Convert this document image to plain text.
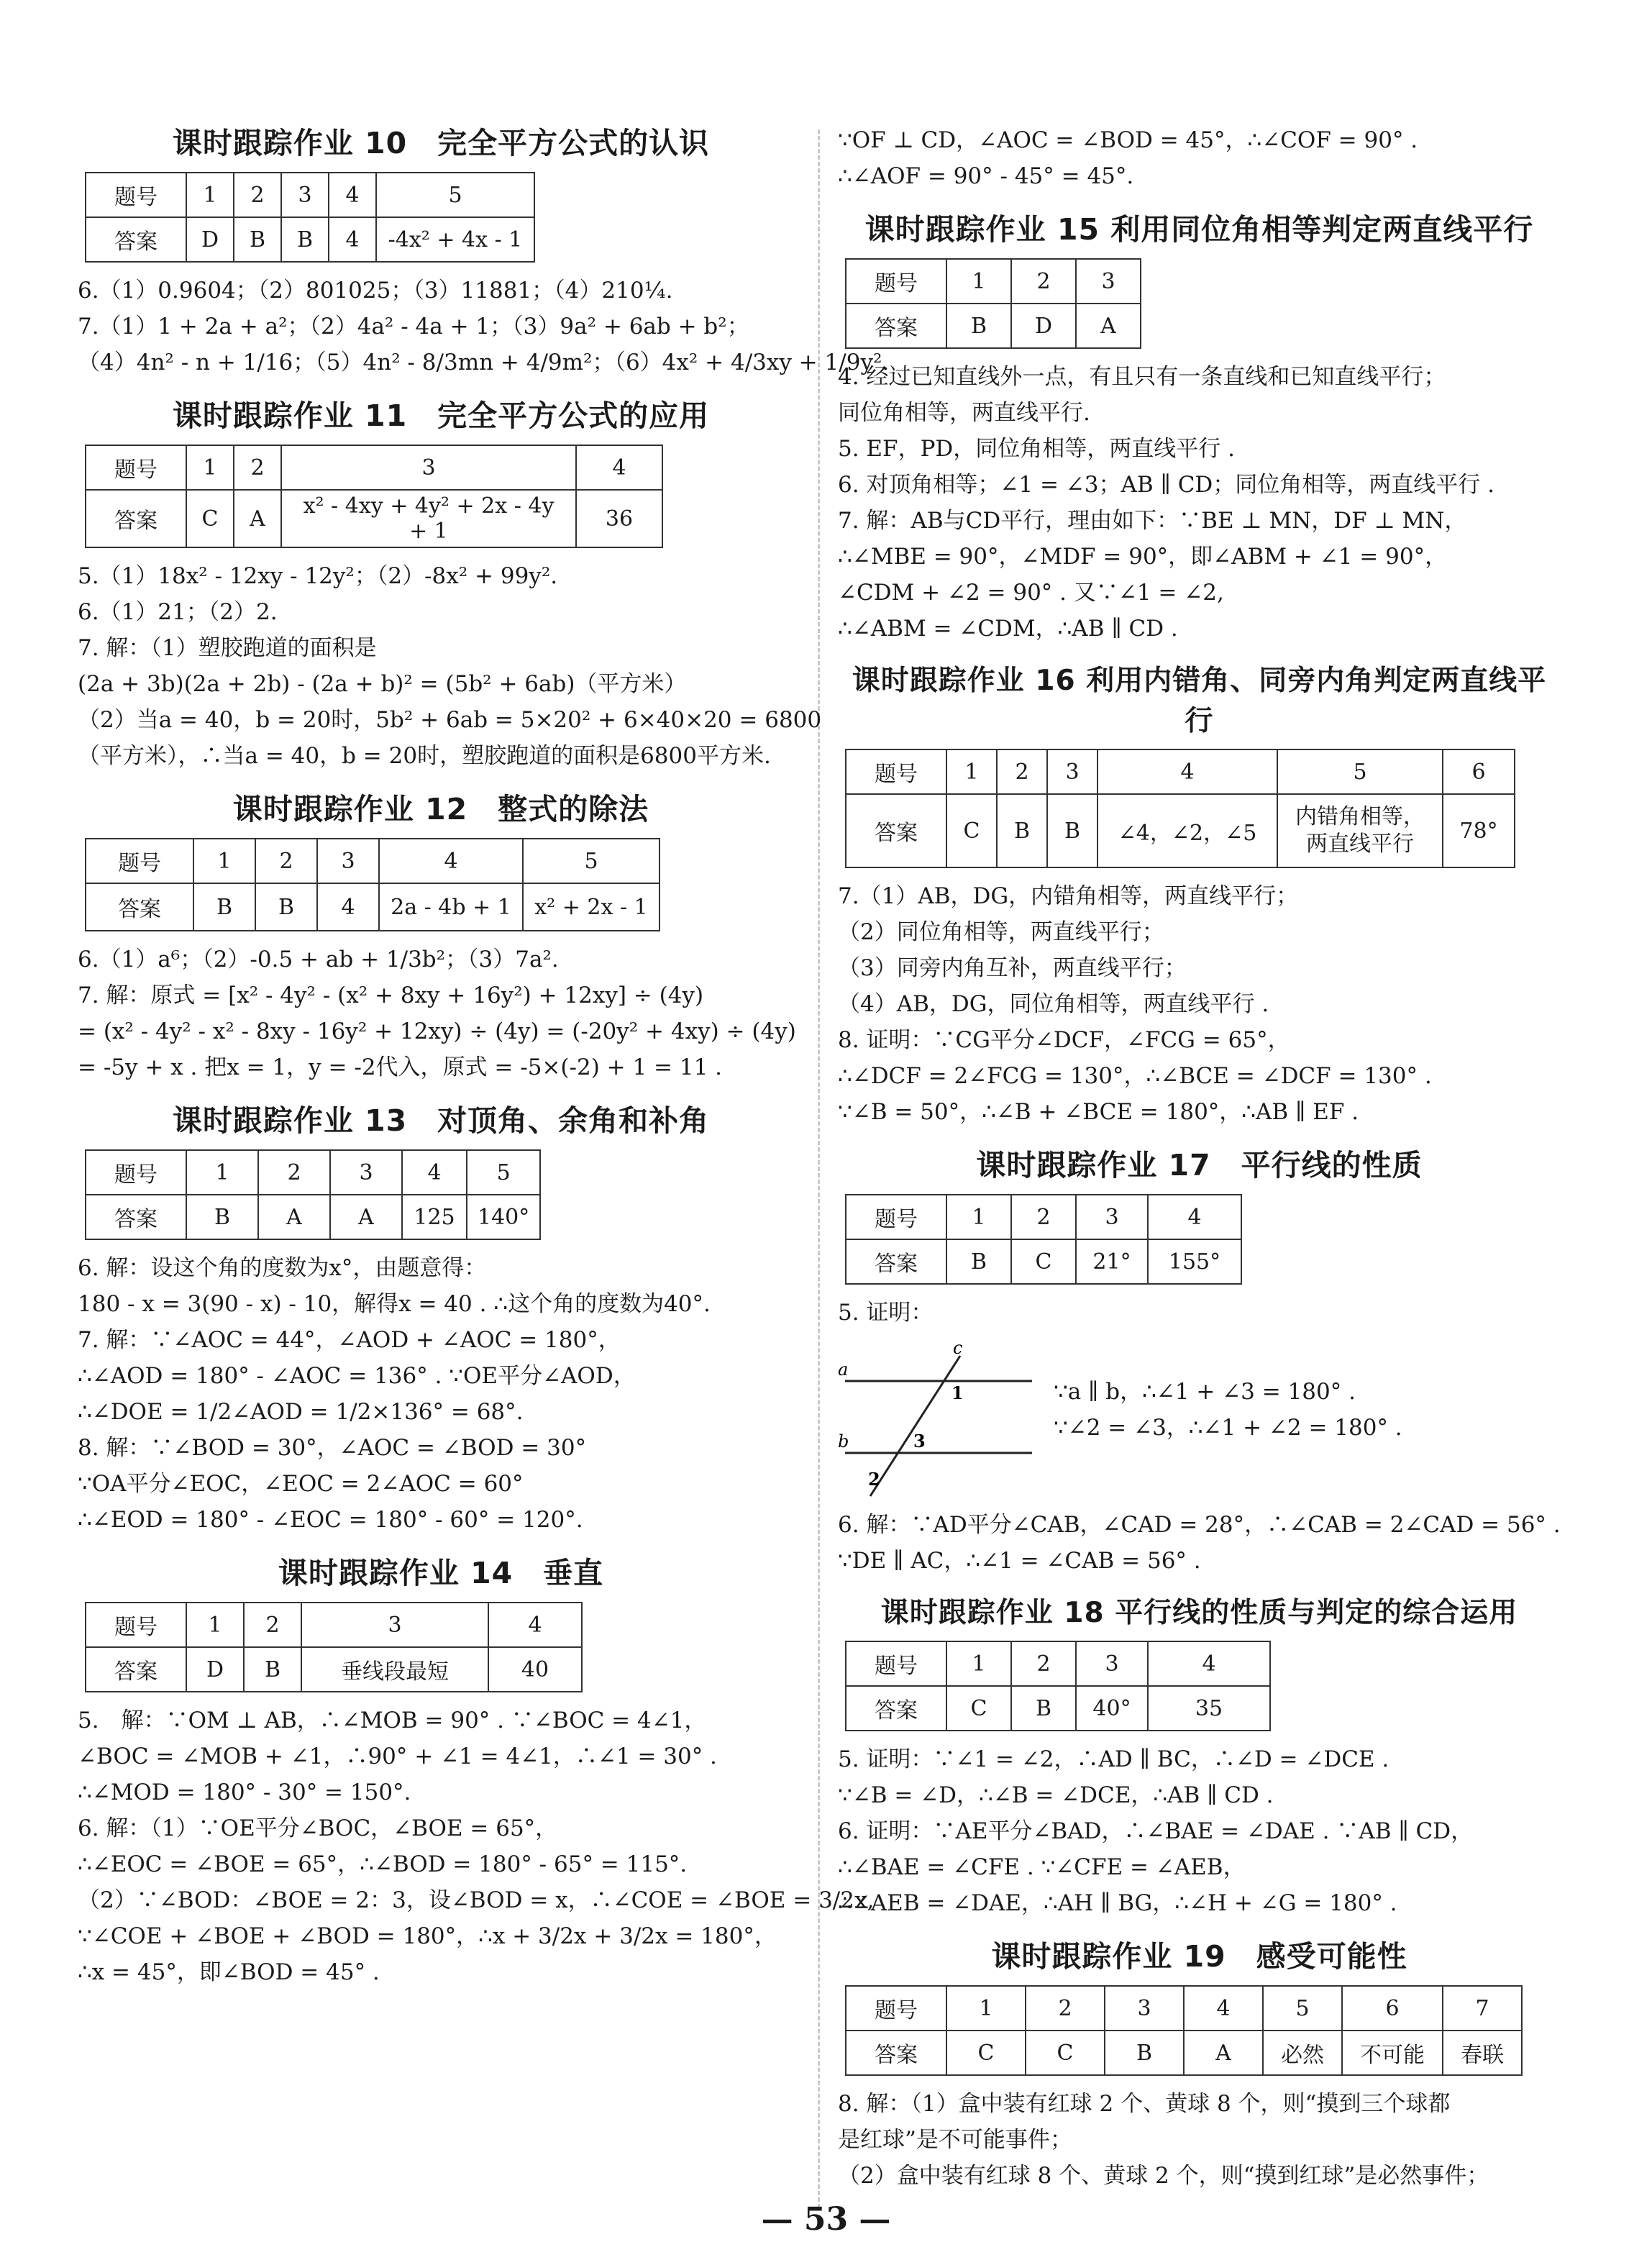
课时跟踪作业 10　完全平方公式的认识
题号	1	2	3	4	5
答案	D	B	B	4	-4x² + 4x - 1
6.（1）0.9604；（2）801025；（3）11881；（4）210¼.
7.（1）1 + 2a + a²；（2）4a² - 4a + 1；（3）9a² + 6ab + b²；
（4）4n² - n + 1/16；（5）4n² - 8/3mn + 4/9m²；（6）4x² + 4/3xy + 1/9y².
课时跟踪作业 11　完全平方公式的应用
题号	1	2	3	4
答案	C	A	x² - 4xy + 4y² + 2x - 4y + 1	36
5.（1）18x² - 12xy - 12y²；（2）-8x² + 99y².
6.（1）21；（2）2.
7. 解：（1）塑胶跑道的面积是
(2a + 3b)(2a + 2b) - (2a + b)² = (5b² + 6ab)（平方米）
（2）当a = 40，b = 20时，5b² + 6ab = 5×20² + 6×40×20 = 6800
（平方米），∴当a = 40，b = 20时，塑胶跑道的面积是6800平方米.
课时跟踪作业 12　整式的除法
题号	1	2	3	4	5
答案	B	B	4	2a - 4b + 1	x² + 2x - 1
6.（1）a⁶；（2）-0.5 + ab + 1/3b²；（3）7a².
7. 解：原式 = [x² - 4y² - (x² + 8xy + 16y²) + 12xy] ÷ (4y)
= (x² - 4y² - x² - 8xy - 16y² + 12xy) ÷ (4y) = (-20y² + 4xy) ÷ (4y)
= -5y + x . 把x = 1，y = -2代入，原式 = -5×(-2) + 1 = 11 .
课时跟踪作业 13　对顶角、余角和补角
题号	1	2	3	4	5
答案	B	A	A	125	140°
6. 解：设这个角的度数为x°，由题意得：
180 - x = 3(90 - x) - 10，解得x = 40 . ∴这个角的度数为40°.
7. 解：∵∠AOC = 44°，∠AOD + ∠AOC = 180°，
∴∠AOD = 180° - ∠AOC = 136° . ∵OE平分∠AOD，
∴∠DOE = 1/2∠AOD = 1/2×136° = 68°.
8. 解：∵∠BOD = 30°，∠AOC = ∠BOD = 30°
∵OA平分∠EOC，∠EOC = 2∠AOC = 60°
∴∠EOD = 180° - ∠EOC = 180° - 60° = 120°.
课时跟踪作业 14　垂直
题号	1	2	3	4
答案	D	B	垂线段最短	40
5.　解：∵OM ⊥ AB，∴∠MOB = 90° . ∵∠BOC = 4∠1，
∠BOC = ∠MOB + ∠1，∴90° + ∠1 = 4∠1，∴∠1 = 30° .
∴∠MOD = 180° - 30° = 150°.
6. 解：（1）∵OE平分∠BOC，∠BOE = 65°，
∴∠EOC = ∠BOE = 65°，∴∠BOD = 180° - 65° = 115°.
（2）∵∠BOD：∠BOE = 2：3，设∠BOD = x，∴∠COE = ∠BOE = 3/2x,
∵∠COE + ∠BOE + ∠BOD = 180°，∴x + 3/2x + 3/2x = 180°，
∴x = 45°，即∠BOD = 45° .
∵OF ⊥ CD，∠AOC = ∠BOD = 45°，∴∠COF = 90° .
∴∠AOF = 90° - 45° = 45°.
课时跟踪作业 15 利用同位角相等判定两直线平行
题号	1	2	3
答案	B	D	A
4. 经过已知直线外一点，有且只有一条直线和已知直线平行；
同位角相等，两直线平行.
5. EF，PD，同位角相等，两直线平行 .
6. 对顶角相等；∠1 = ∠3；AB ∥ CD；同位角相等，两直线平行 .
7. 解：AB与CD平行，理由如下：∵BE ⊥ MN，DF ⊥ MN，
∴∠MBE = 90°，∠MDF = 90°，即∠ABM + ∠1 = 90°，
∠CDM + ∠2 = 90° . 又∵∠1 = ∠2,
∴∠ABM = ∠CDM，∴AB ∥ CD .
课时跟踪作业 16 利用内错角、同旁内角判定两直线平行
题号	1	2	3	4	5	6
答案	C	B	B	∠4，∠2，∠5	内错角相等，
两直线平行	78°
7.（1）AB，DG，内错角相等，两直线平行；
（2）同位角相等，两直线平行；
（3）同旁内角互补，两直线平行；
（4）AB，DG，同位角相等，两直线平行 .
8. 证明：∵CG平分∠DCF，∠FCG = 65°，
∴∠DCF = 2∠FCG = 130°，∴∠BCE = ∠DCF = 130° .
∵∠B = 50°，∴∠B + ∠BCE = 180°，∴AB ∥ EF .
课时跟踪作业 17　平行线的性质
题号	1	2	3	4
答案	B	C	21°	155°
5. 证明：
a
b
c
1
2
3
∵a ∥ b，∴∠1 + ∠3 = 180° .
∵∠2 = ∠3，∴∠1 + ∠2 = 180° .
6. 解：∵AD平分∠CAB，∠CAD = 28°，∴∠CAB = 2∠CAD = 56° .
∵DE ∥ AC，∴∠1 = ∠CAB = 56° .
课时跟踪作业 18 平行线的性质与判定的综合运用
题号	1	2	3	4
答案	C	B	40°	35
5. 证明：∵∠1 = ∠2，∴AD ∥ BC，∴∠D = ∠DCE .
∵∠B = ∠D，∴∠B = ∠DCE，∴AB ∥ CD .
6. 证明：∵AE平分∠BAD，∴∠BAE = ∠DAE . ∵AB ∥ CD，
∴∠BAE = ∠CFE . ∵∠CFE = ∠AEB，
∴∠AEB = ∠DAE，∴AH ∥ BG，∴∠H + ∠G = 180° .
课时跟踪作业 19　感受可能性
题号	1	2	3	4	5	6	7
答案	C	C	B	A	必然	不可能	春联
8. 解：（1）盒中装有红球 2 个、黄球 8 个，则“摸到三个球都
是红球”是不可能事件；
（2）盒中装有红球 8 个、黄球 2 个，则“摸到红球”是必然事件；
— 53 —
